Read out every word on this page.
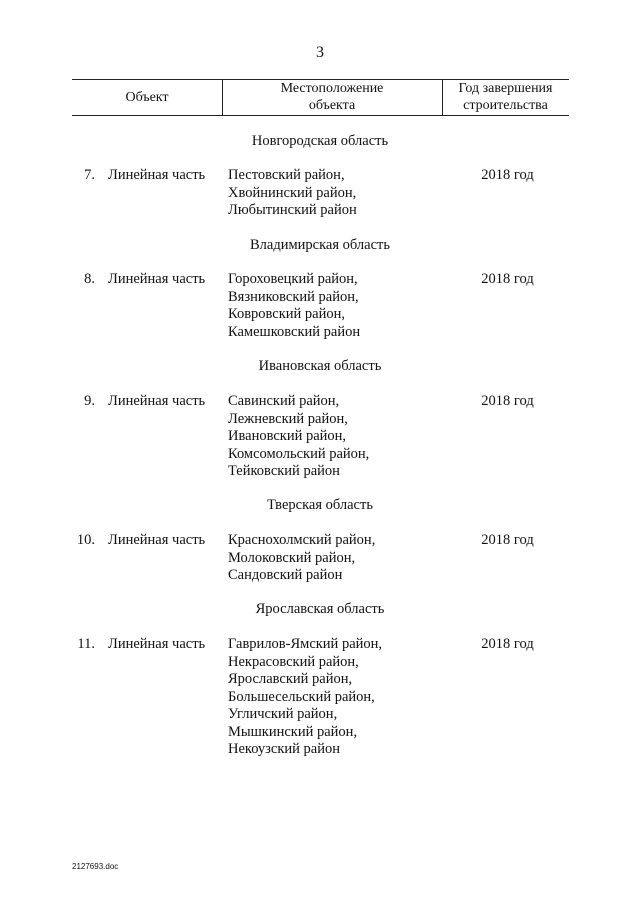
3
Объект
Местоположение
объекта
Год завершения
строительства
Новгородская область
7. Линейная часть Пестовский район,
Хвойнинский район,
Любытинский район
2018 год
Владимирская область
8. Линейная часть Гороховецкий район,
Вязниковский район,
Ковровский район,
Камешковский район
2018 год
Ивановская область
9. Линейная часть Савинский район,
Лежневский район,
Ивановский район,
Комсомольский район,
Тейковский район
2018 год
Тверская область
10. Линейная часть Краснохолмский район,
Молоковский район,
Сандовский район
2018 год
Ярославская область
11. Линейная часть Гаврилов-Ямский район,
Некрасовский район,
Ярославский район,
Большесельский район,
Угличский район,
Мышкинский район,
Некоузский район
2018 год
2127693.doc
